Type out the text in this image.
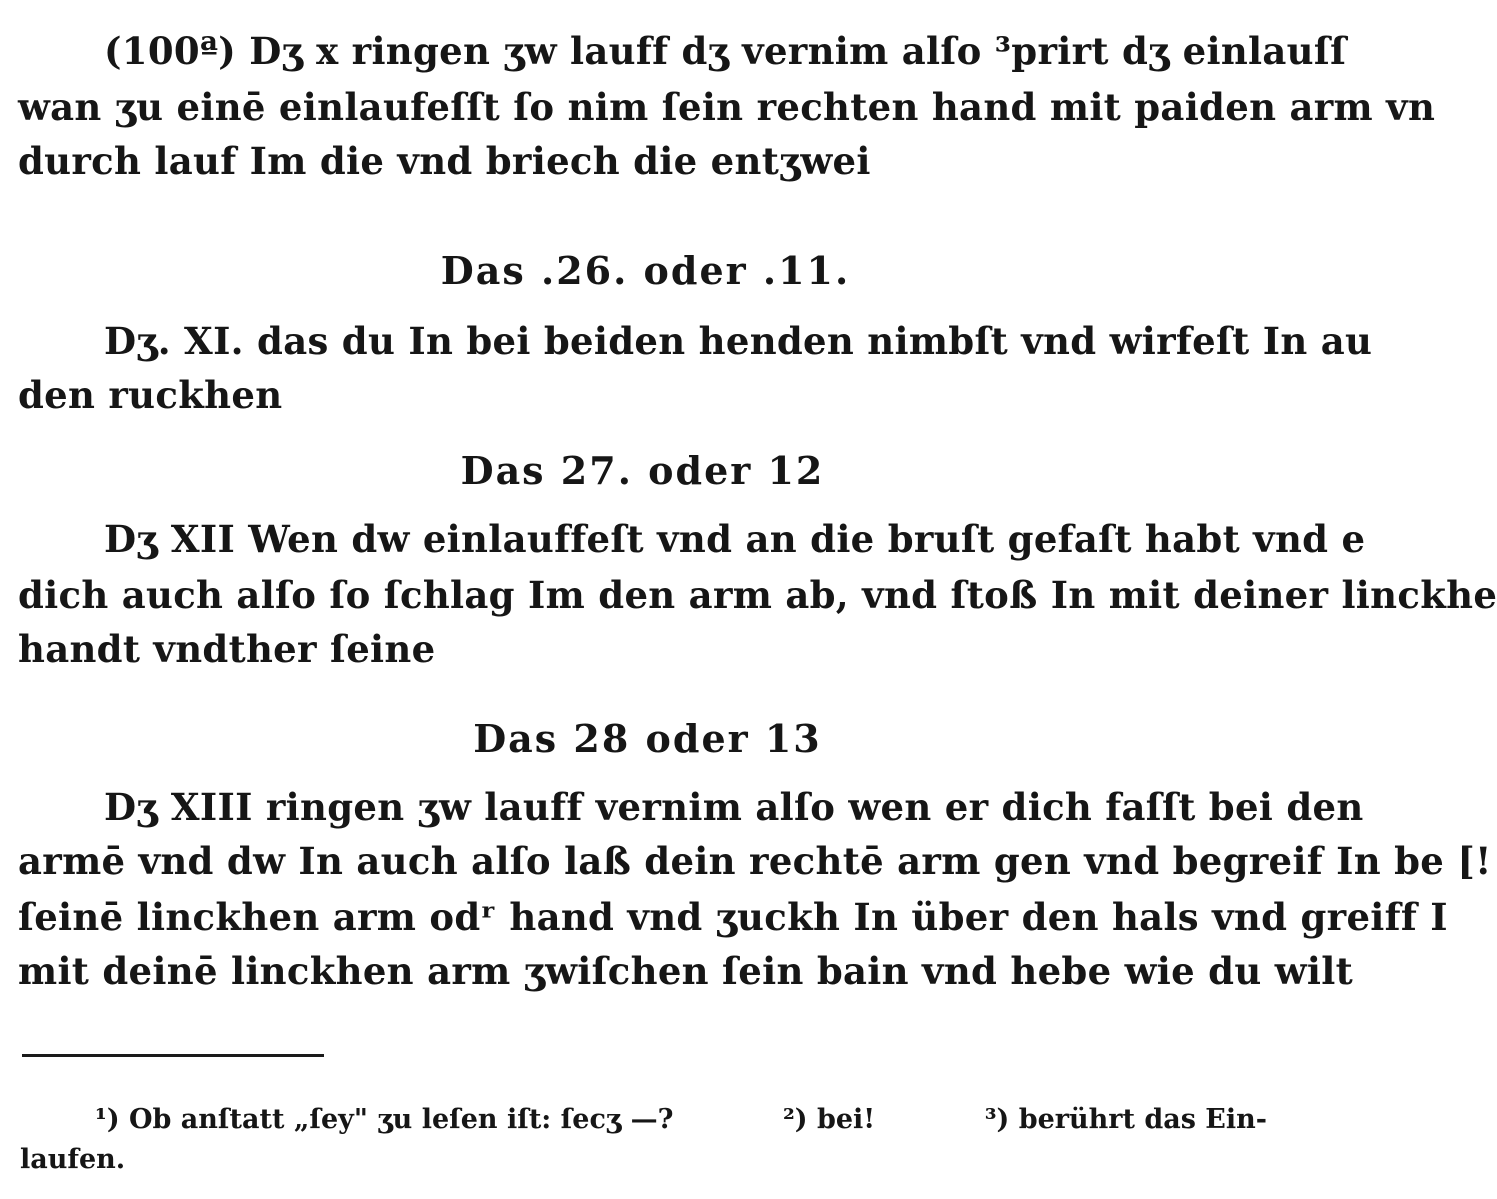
(100ª) Dʒ x ringen ʒw lauff dʒ vernim alſo ³prirt dʒ einlauſſ
wan ʒu einē einlaufeſſt ſo nim ſein rechten hand mit paiden arm vn
durch lauf Im die vnd briech die entʒwei
Das .26. oder .11.
Dʒ. XI. das du In bei beiden henden nimbſt vnd wirfeſt In au
den ruckhen
Das 27. oder 12
Dʒ XII Wen dw einlauffeſt vnd an die bruſt gefaſt habt vnd e
dich auch alſo ſo ſchlag Im den arm ab, vnd ſtoß In mit deiner linckhe
handt vndther ſeine
Das 28 oder 13
Dʒ XIII ringen ʒw lauff vernim alſo wen er dich faſſt bei den
armē vnd dw In auch alſo laß dein rechtē arm gen vnd begreif In be [!
ſeinē linckhen arm odʳ hand vnd ʒuckh In über den hals vnd greiff I
mit deinē linckhen arm ʒwiſchen ſein bain vnd hebe wie du wilt
¹) Ob anſtatt „ſey" ʒu leſen iſt: ſecʒ —?	²) bei!	³) berührt das Ein-
laufen.
